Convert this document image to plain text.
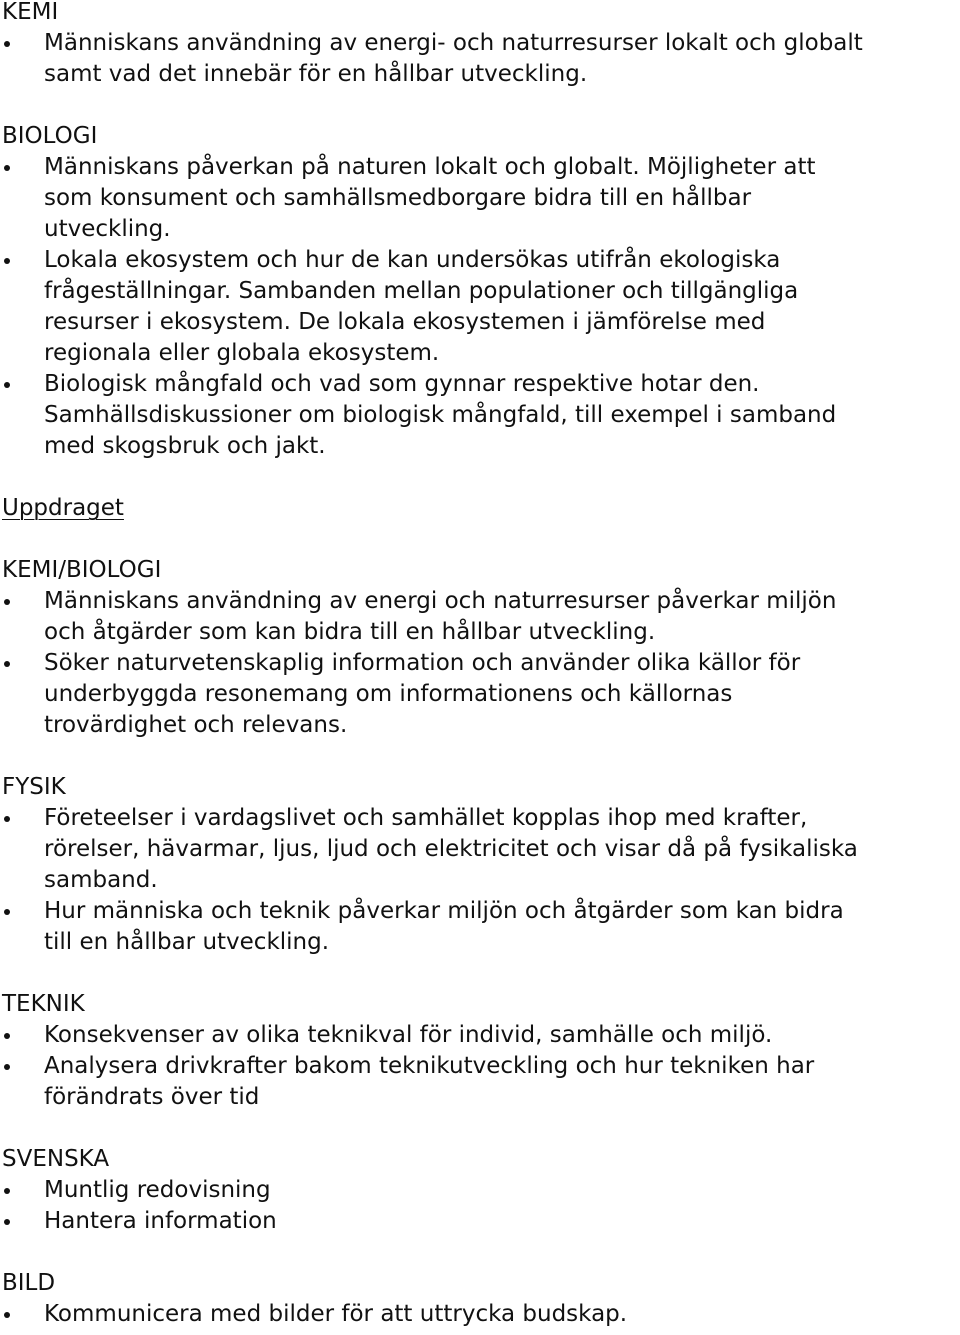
KEMI
Människans användning av energi- och naturresurser lokalt och globalt
samt vad det innebär för en hållbar utveckling.
BIOLOGI
Människans påverkan på naturen lokalt och globalt. Möjligheter att
som konsument och samhällsmedborgare bidra till en hållbar
utveckling.
Lokala ekosystem och hur de kan undersökas utifrån ekologiska
frågeställningar. Sambanden mellan populationer och tillgängliga
resurser i ekosystem. De lokala ekosystemen i jämförelse med
regionala eller globala ekosystem.
Biologisk mångfald och vad som gynnar respektive hotar den.
Samhällsdiskussioner om biologisk mångfald, till exempel i samband
med skogsbruk och jakt.
Uppdraget
KEMI/BIOLOGI
Människans användning av energi och naturresurser påverkar miljön
och åtgärder som kan bidra till en hållbar utveckling.
Söker naturvetenskaplig information och använder olika källor för
underbyggda resonemang om informationens och källornas
trovärdighet och relevans.
FYSIK
Företeelser i vardagslivet och samhället kopplas ihop med krafter,
rörelser, hävarmar, ljus, ljud och elektricitet och visar då på fysikaliska
samband.
Hur människa och teknik påverkar miljön och åtgärder som kan bidra
till en hållbar utveckling.
TEKNIK
Konsekvenser av olika teknikval för individ, samhälle och miljö.
Analysera drivkrafter bakom teknikutveckling och hur tekniken har
förändrats över tid
SVENSKA
Muntlig redovisning
Hantera information
BILD
Kommunicera med bilder för att uttrycka budskap.
